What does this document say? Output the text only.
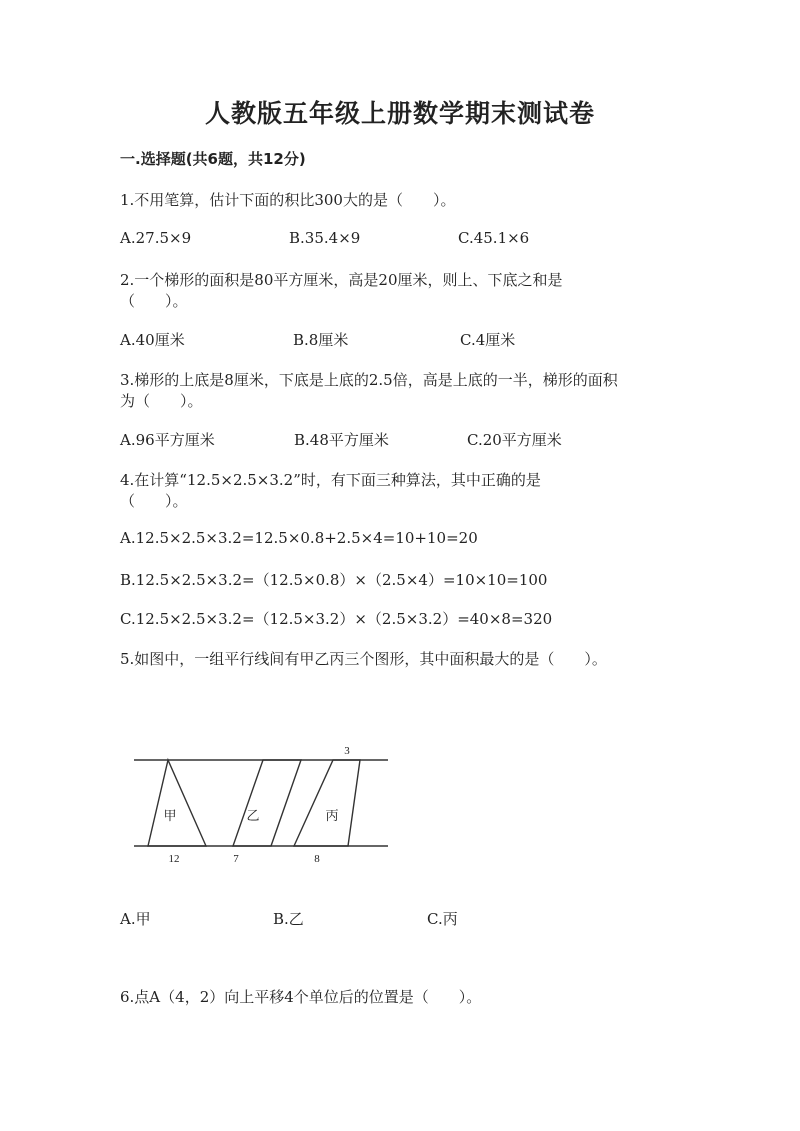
人教版五年级上册数学期末测试卷
一.选择题(共6题，共12分)
1.不用笔算，估计下面的积比300大的是（　　）。
A.27.5×9	B.35.4×9	C.45.1×6
2.一个梯形的面积是80平方厘米，高是20厘米，则上、下底之和是
（　　）。
A.40厘米	B.8厘米	C.4厘米
3.梯形的上底是8厘米，下底是上底的2.5倍，高是上底的一半，梯形的面积
为（　　）。
A.96平方厘米	B.48平方厘米	C.20平方厘米
4.在计算“12.5×2.5×3.2”时，有下面三种算法，其中正确的是
（　　）。
A.12.5×2.5×3.2=12.5×0.8+2.5×4=10+10=20
B.12.5×2.5×3.2=（12.5×0.8）×（2.5×4）=10×10=100
C.12.5×2.5×3.2=（12.5×3.2）×（2.5×3.2）=40×8=320
5.如图中，一组平行线间有甲乙丙三个图形，其中面积最大的是（　　）。
甲	乙	丙
3
12	7	8
A.甲	B.乙	C.丙
6.点A（4，2）向上平移4个单位后的位置是（　　）。
